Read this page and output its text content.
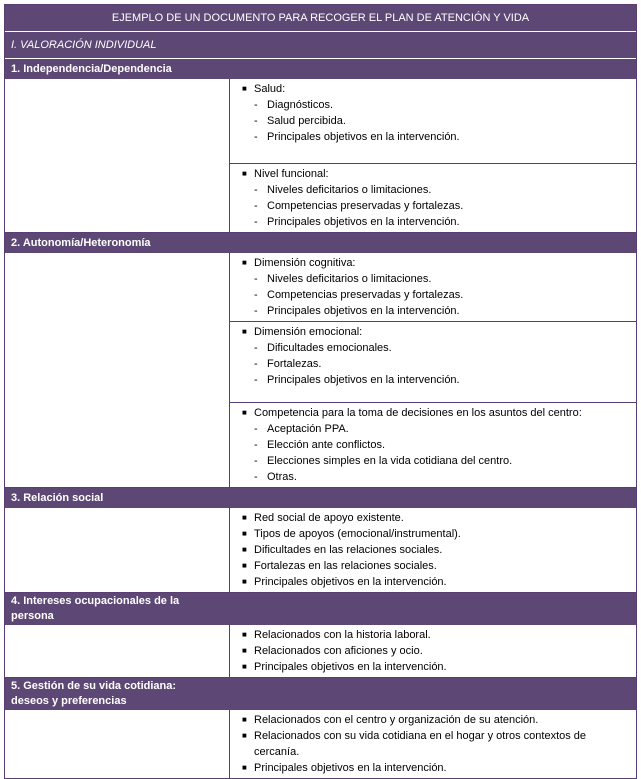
EJEMPLO DE UN DOCUMENTO PARA RECOGER EL PLAN DE ATENCIÓN Y VIDA
I. VALORACIÓN INDIVIDUAL
1. Independencia/Dependencia
■ Salud:
- Diagnósticos.
- Salud percibida.
- Principales objetivos en la intervención.
■ Nivel funcional:
- Niveles deficitarios o limitaciones.
- Competencias preservadas y fortalezas.
- Principales objetivos en la intervención.
2. Autonomía/Heteronomía
■ Dimensión cognitiva:
- Niveles deficitarios o limitaciones.
- Competencias preservadas y fortalezas.
- Principales objetivos en la intervención.
■ Dimensión emocional:
- Dificultades emocionales.
- Fortalezas.
- Principales objetivos en la intervención.
■ Competencia para la toma de decisiones en los asuntos del centro:
- Aceptación PPA.
- Elección ante conflictos.
- Elecciones simples en la vida cotidiana del centro.
- Otras.
3. Relación social
■ Red social de apoyo existente.
■ Tipos de apoyos (emocional/instrumental).
■ Dificultades en las relaciones sociales.
■ Fortalezas en las relaciones sociales.
■ Principales objetivos en la intervención.
4. Intereses ocupacionales de la
persona
■ Relacionados con la historia laboral.
■ Relacionados con aficiones y ocio.
■ Principales objetivos en la intervención.
5. Gestión de su vida cotidiana:
deseos y preferencias
■ Relacionados con el centro y organización de su atención.
■ Relacionados con su vida cotidiana en el hogar y otros contextos de cercanía.
■ Principales objetivos en la intervención.
